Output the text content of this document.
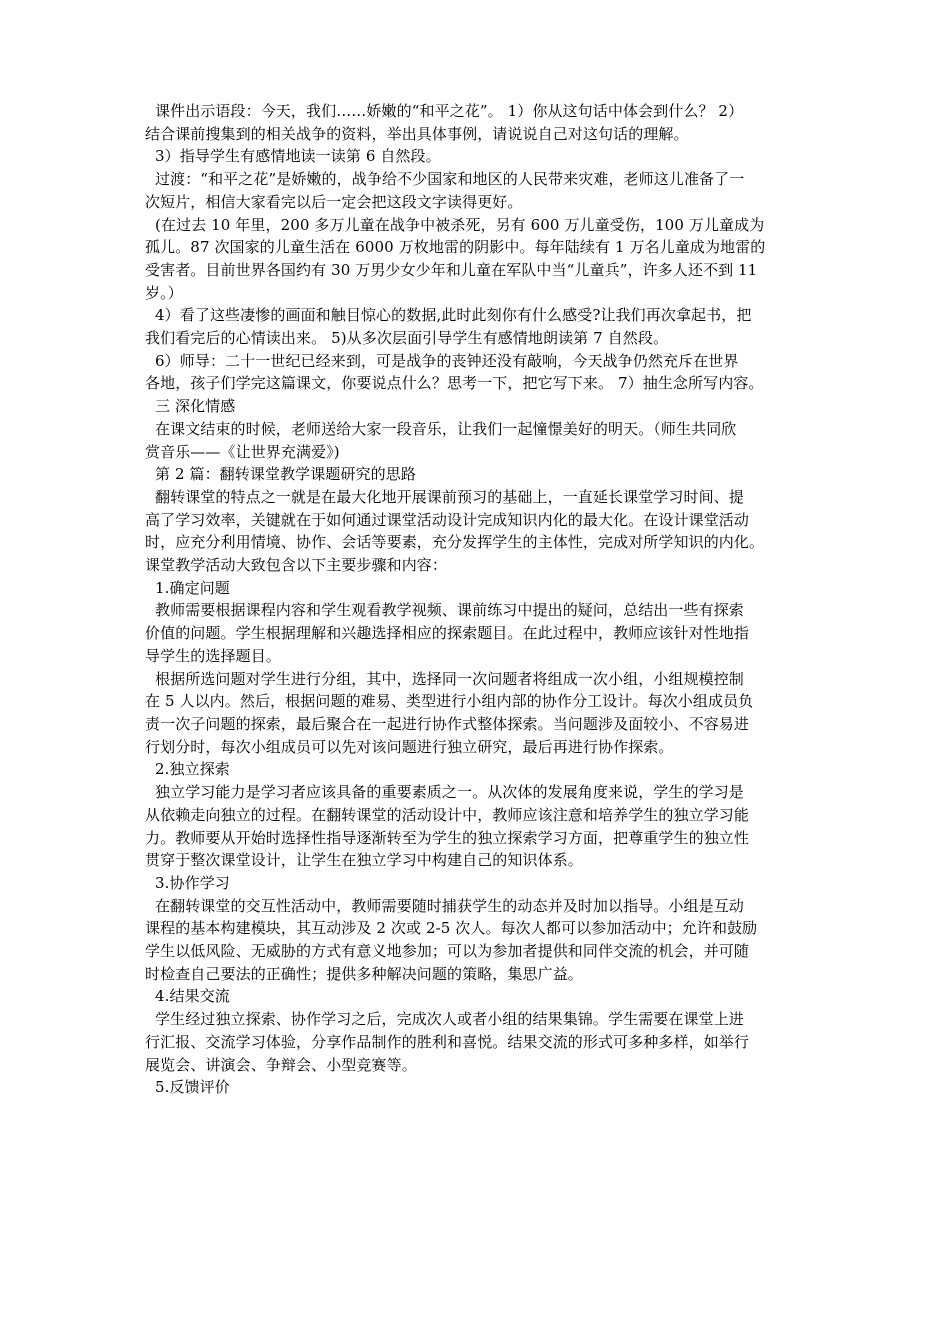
课件出示语段：今天，我们……娇嫩的“和平之花”。 1）你从这句话中体会到什么？ 2）
结合课前搜集到的相关战争的资料，举出具体事例，请说说自己对这句话的理解。
3）指导学生有感情地读一读第 6 自然段。
过渡：“和平之花”是娇嫩的，战争给不少国家和地区的人民带来灾难，老师这儿准备了一
次短片，相信大家看完以后一定会把这段文字读得更好。
(在过去 10 年里，200 多万儿童在战争中被杀死，另有 600 万儿童受伤，100 万儿童成为
孤儿。87 次国家的儿童生活在 6000 万枚地雷的阴影中。每年陆续有 1 万名儿童成为地雷的
受害者。目前世界各国约有 30 万男少女少年和儿童在军队中当“儿童兵”，许多人还不到 11
岁。）
4）看了这些凄惨的画面和触目惊心的数据,此时此刻你有什么感受?让我们再次拿起书，把
我们看完后的心情读出来。 5)从多次层面引导学生有感情地朗读第 7 自然段。
6）师导：二十一世纪已经来到，可是战争的丧钟还没有敲响，今天战争仍然充斥在世界
各地，孩子们学完这篇课文，你要说点什么？思考一下，把它写下来。 7）抽生念所写内容。
三 深化情感
在课文结束的时候，老师送给大家一段音乐，让我们一起憧憬美好的明天。（师生共同欣
赏音乐——《让世界充满爱》)
第 2 篇：翻转课堂教学课题研究的思路
翻转课堂的特点之一就是在最大化地开展课前预习的基础上，一直延长课堂学习时间、提
高了学习效率，关键就在于如何通过课堂活动设计完成知识内化的最大化。在设计课堂活动
时，应充分利用情境、协作、会话等要素，充分发挥学生的主体性，完成对所学知识的内化。
课堂教学活动大致包含以下主要步骤和内容：
1.确定问题
教师需要根据课程内容和学生观看教学视频、课前练习中提出的疑问，总结出一些有探索
价值的问题。学生根据理解和兴趣选择相应的探索题目。在此过程中，教师应该针对性地指
导学生的选择题目。
根据所选问题对学生进行分组，其中，选择同一次问题者将组成一次小组，小组规模控制
在 5 人以内。然后，根据问题的难易、类型进行小组内部的协作分工设计。每次小组成员负
责一次子问题的探索，最后聚合在一起进行协作式整体探索。当问题涉及面较小、不容易进
行划分时，每次小组成员可以先对该问题进行独立研究，最后再进行协作探索。
2.独立探索
独立学习能力是学习者应该具备的重要素质之一。从次体的发展角度来说，学生的学习是
从依赖走向独立的过程。在翻转课堂的活动设计中，教师应该注意和培养学生的独立学习能
力。教师要从开始时选择性指导逐渐转至为学生的独立探索学习方面，把尊重学生的独立性
贯穿于整次课堂设计，让学生在独立学习中构建自己的知识体系。
3.协作学习
在翻转课堂的交互性活动中，教师需要随时捕获学生的动态并及时加以指导。小组是互动
课程的基本构建模块，其互动涉及 2 次或 2-5 次人。每次人都可以参加活动中；允许和鼓励
学生以低风险、无威胁的方式有意义地参加；可以为参加者提供和同伴交流的机会，并可随
时检查自己要法的正确性；提供多种解决问题的策略，集思广益。
4.结果交流
学生经过独立探索、协作学习之后，完成次人或者小组的结果集锦。学生需要在课堂上进
行汇报、交流学习体验，分享作品制作的胜利和喜悦。结果交流的形式可多种多样，如举行
展览会、讲演会、争辩会、小型竞赛等。
5.反馈评价
